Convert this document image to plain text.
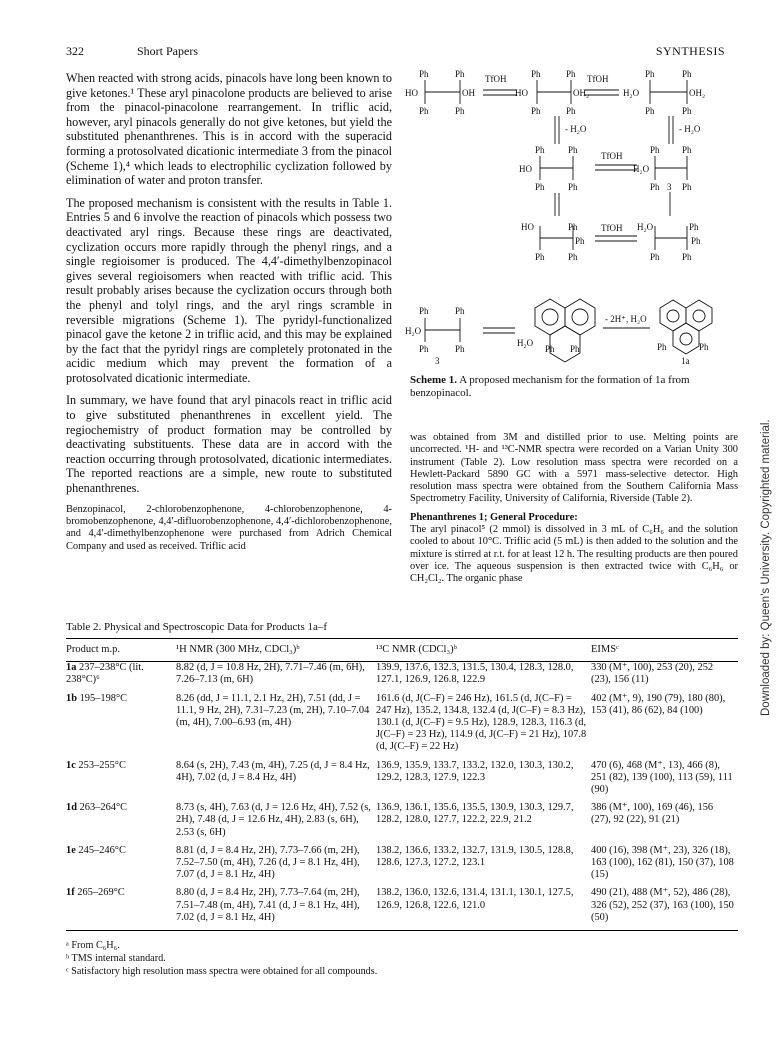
322	Short Papers	SYNTHESIS

When reacted with strong acids, pinacols have long been known to give ketones.¹ These aryl pinacolone products are believed to arise from the pinacol-pinacolone rearrangement. In triflic acid, however, aryl pinacols generally do not give ketones, but yield the substituted phenanthrenes. This is in accord with the superacid forming a protosolvated dicationic intermediate 3 from the pinacol (Scheme 1),⁴ which leads to electrophilic cyclization followed by elimination of water and proton transfer.

The proposed mechanism is consistent with the results in Table 1. Entries 5 and 6 involve the reaction of pinacols which possess two deactivated aryl rings. Because these rings are deactivated, cyclization occurs more rapidly through the phenyl rings, and a single regioisomer is produced. The 4,4′-dimethylbenzopinacol gives several regioisomers when reacted with triflic acid. This result probably arises because the cyclization occurs through both the phenyl and tolyl rings, and the aryl rings scramble in reversible migrations (Scheme 1). The pyridyl-functionalized pinacol gave the ketone 2 in triflic acid, and this may be explained by the fact that the pyridyl rings are completely protonated in the acidic medium which may prevent the formation of a protosolvated dicationic intermediate.

In summary, we have found that aryl pinacols react in triflic acid to give substituted phenanthrenes in excellent yield. The regiochemistry of product formation may be controlled by deactivating substituents. These data are in accord with the reaction occurring through protosolvated, dicationic intermediates. The reported reactions are a simple, new route to substituted phenanthrenes.

Benzopinacol, 2-chlorobenzophenone, 4-chlorobenzophenone, 4-bromobenzophenone, 4,4′-difluorobenzophenone, 4,4′-dichlorobenzophenone, and 4,4′-dimethylbenzophenone were purchased from Adrich Chemical Company and used as received. Triflic acid
Ph	Ph
HO	OH
Ph	Ph
TfOH	TfOH
Ph	Ph
HO	OH₂
Ph	Ph
Ph	Ph
H₂O	OH₂
Ph	Ph
- H₂O	- H₂O
Ph	Ph
HO
Ph	Ph
TfOH
Ph Ph
H₂O
Ph 3 Ph
HO	Ph
Ph
Ph	Ph
TfOH H₂O	Ph
Ph
Ph Ph
Ph	Ph
H₂O
Ph	Ph
3
H₂O
Ph Ph
- 2H⁺, H₂O
Ph	Ph
1a
Scheme 1. A proposed mechanism for the formation of 1a from benzopinacol.
was obtained from 3M and distilled prior to use. Melting points are uncorrected. ¹H- and ¹³C-NMR spectra were recorded on a Varian Unity 300 instrument (Table 2). Low resolution mass spectra were recorded on a Hewlett-Packard 5890 GC with a 5971 mass-selective detector. High resolution mass spectra were obtained from the Southern California Mass Spectrometry Facility, University of California, Riverside (Table 2).
Phenanthrenes 1; General Procedure:
The aryl pinacol⁵ (2 mmol) is dissolved in 3 mL of C₆H₆ and the solution cooled to about 10°C. Triflic acid (5 mL) is then added to the solution and the mixture is stirred at r.t. for at least 12 h. The resulting products are then poured over ice. The aqueous suspension is then extracted twice with C₆H₆ or CH₂Cl₂. The organic phase
Table 2. Physical and Spectroscopic Data for Products 1a–f
Product m.p.	¹H NMR (300 MHz, CDCl₃)ᵇ	¹³C NMR (CDCl₃)ᵇ	EIMSᶜ
1a 237–238°C (lit. 238°C)⁶	8.82 (d, J = 10.8 Hz, 2H), 7.71–7.46 (m, 6H), 7.26–7.13 (m, 6H)	139.9, 137.6, 132.3, 131.5, 130.4, 128.3, 128.0, 127.1, 126.9, 126.8, 122.9	330 (M⁺, 100), 253 (20), 252 (23), 156 (11)
1b 195–198°C	8.26 (dd, J = 11.1, 2.1 Hz, 2H), 7.51 (dd, J = 11.1, 9 Hz, 2H), 7.31–7.23 (m, 2H), 7.10–7.04 (m, 4H), 7.00–6.93 (m, 4H)	161.6 (d, J(C–F) = 246 Hz), 161.5 (d, J(C–F) = 247 Hz), 135.2, 134.8, 132.4 (d, J(C–F) = 8.3 Hz), 130.1 (d, J(C–F) = 9.5 Hz), 128.9, 128.3, 116.3 (d, J(C–F) = 23 Hz), 114.9 (d, J(C–F) = 21 Hz), 107.8 (d, J(C–F) = 22 Hz)	402 (M⁺, 9), 190 (79), 180 (80), 153 (41), 86 (62), 84 (100)
1c 253–255°C	8.64 (s, 2H), 7.43 (m, 4H), 7.25 (d, J = 8.4 Hz, 4H), 7.02 (d, J = 8.4 Hz, 4H)	136.9, 135.9, 133.7, 133.2, 132.0, 130.3, 130.2, 129.2, 128.3, 127.9, 122.3	470 (6), 468 (M⁺, 13), 466 (8), 251 (82), 139 (100), 113 (59), 111 (90)
1d 263–264°C	8.73 (s, 4H), 7.63 (d, J = 12.6 Hz, 4H), 7.52 (s, 2H), 7.48 (d, J = 12.6 Hz, 4H), 2.83 (s, 6H), 2.53 (s, 6H)	136.9, 136.1, 135.6, 135.5, 130.9, 130.3, 129.7, 128.2, 128.0, 127.7, 122.2, 22.9, 21.2	386 (M⁺, 100), 169 (46), 156 (27), 92 (22), 91 (21)
1e 245–246°C	8.81 (d, J = 8.4 Hz, 2H), 7.73–7.66 (m, 2H), 7.52–7.50 (m, 4H), 7.26 (d, J = 8.1 Hz, 4H), 7.07 (d, J = 8.1 Hz, 4H)	138.2, 136.6, 133.2, 132.7, 131.9, 130.5, 128.8, 128.6, 127.3, 127.2, 123.1	400 (16), 398 (M⁺, 23), 326 (18), 163 (100), 162 (81), 150 (37), 108 (15)
1f 265–269°C	8.80 (d, J = 8.4 Hz, 2H), 7.73–7.64 (m, 2H), 7.51–7.48 (m, 4H), 7.41 (d, J = 8.1 Hz, 4H), 7.02 (d, J = 8.1 Hz, 4H)	138.2, 136.0, 132.6, 131.4, 131.1, 130.1, 127.5, 126.9, 126.8, 122.6, 121.0	490 (21), 488 (M⁺, 52), 486 (28), 326 (52), 252 (37), 163 (100), 150 (50)
ᵃ From C₆H₆.
ᵇ TMS internal standard.
ᶜ Satisfactory high resolution mass spectra were obtained for all compounds.
Downloaded by: Queen's University. Copyrighted material.
